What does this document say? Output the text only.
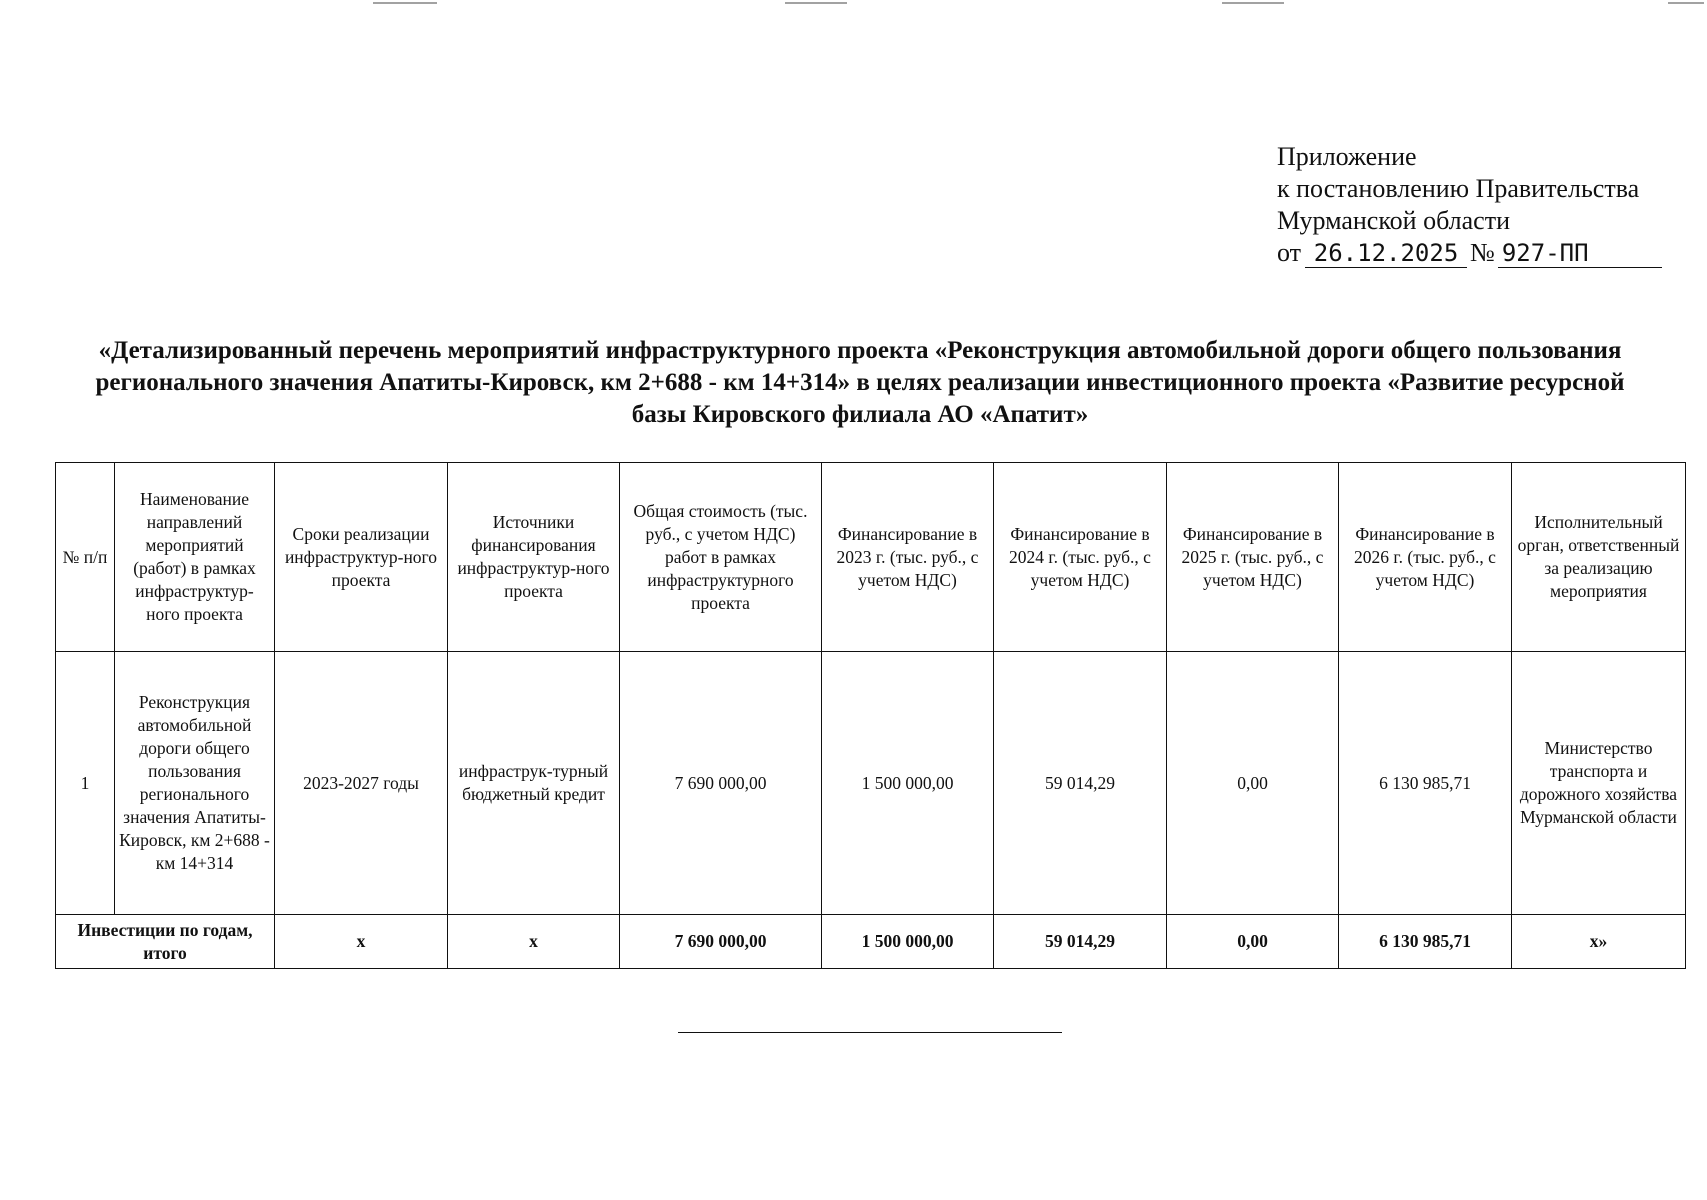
Приложение
к постановлению Правительства
Мурманской области
от 26.12.2025 № 927-ПП
«Детализированный перечень мероприятий инфраструктурного проекта «Реконструкция автомобильной дороги общего пользования регионального значения Апатиты-Кировск, км 2+688 - км 14+314» в целях реализации инвестиционного проекта «Развитие ресурсной базы Кировского филиала АО «Апатит»
№ п/п	Наименование направлений мероприятий (работ) в рамках инфраструктур-ного проекта	Сроки реализации инфраструктур-ного проекта	Источники финансирования инфраструктур-ного проекта	Общая стоимость (тыс. руб., с учетом НДС) работ в рамках инфраструктурного проекта	Финансирование в 2023 г. (тыс. руб., с учетом НДС)	Финансирование в 2024 г. (тыс. руб., с учетом НДС)	Финансирование в 2025 г. (тыс. руб., с учетом НДС)	Финансирование в 2026 г. (тыс. руб., с учетом НДС)	Исполнительный орган, ответственный за реализацию мероприятия
1	Реконструкция автомобильной дороги общего пользования регионального значения Апатиты-Кировск, км 2+688 - км 14+314	2023-2027 годы	инфраструк-турный бюджетный кредит	7 690 000,00	1 500 000,00	59 014,29	0,00	6 130 985,71	Министерство транспорта и дорожного хозяйства Мурманской области
Инвестиции по годам, итого		х	х	7 690 000,00	1 500 000,00	59 014,29	0,00	6 130 985,71	х»
